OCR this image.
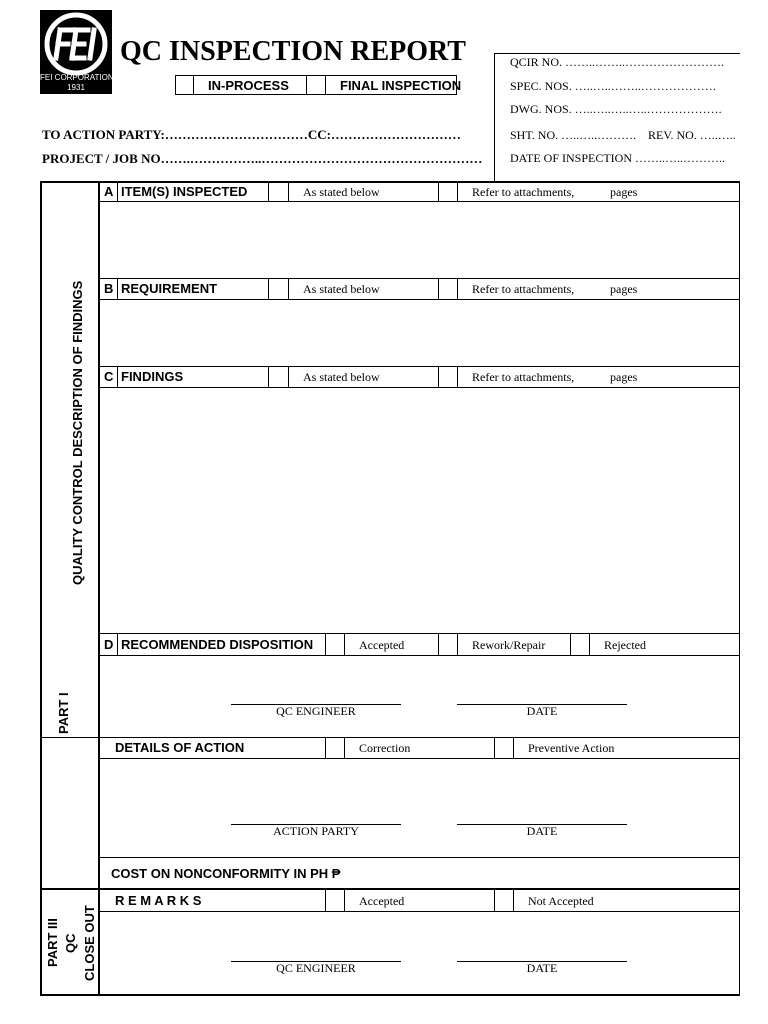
FEI CORPORATION
1931
QC INSPECTION REPORT
IN-PROCESS	FINAL INSPECTION
TO ACTION PARTY:……………………………CC:…………………………
PROJECT / JOB NO…….……………..……………………………………………
QCIR NO. ……..……..…………………….
SPEC. NOS. …..…..……..……………….
DWG. NOS. …..…..…..…..……………….
SHT. NO. …..…..………. REV. NO. …..…..
DATE OF INSPECTION ……..…..………..
QUALITY CONTROL DESCRIPTION OF FINDINGS
PART I
PART III QC CLOSE OUT
A ITEM(S) INSPECTED	As stated below	Refer to attachments,	pages
B REQUIREMENT	As stated below	Refer to attachments,	pages
C FINDINGS	As stated below	Refer to attachments,	pages
D RECOMMENDED DISPOSITION	Accepted	Rework/Repair	Rejected
QC ENGINEER	DATE
DETAILS OF ACTION	Correction	Preventive Action
ACTION PARTY	DATE
COST ON NONCONFORMITY IN PH ₱
R E M A R K S	Accepted	Not Accepted
QC ENGINEER	DATE
